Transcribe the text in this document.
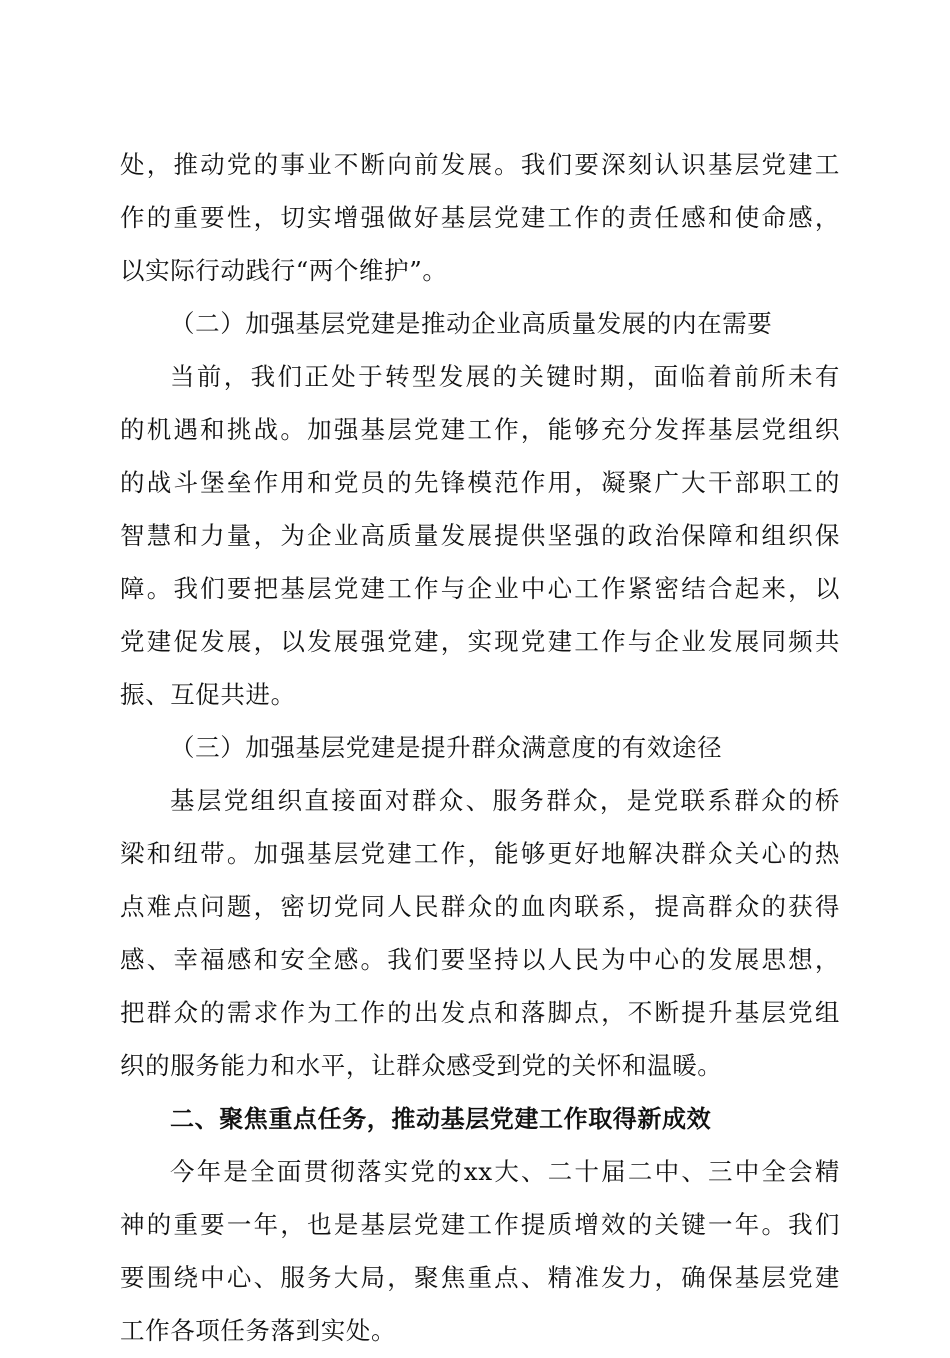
处，推动党的事业不断向前发展。我们要深刻认识基层党建工
作的重要性，切实增强做好基层党建工作的责任感和使命感，
以实际行动践行“两个维护”。
（二）加强基层党建是推动企业高质量发展的内在需要
当前，我们正处于转型发展的关键时期，面临着前所未有
的机遇和挑战。加强基层党建工作，能够充分发挥基层党组织
的战斗堡垒作用和党员的先锋模范作用，凝聚广大干部职工的
智慧和力量，为企业高质量发展提供坚强的政治保障和组织保
障。我们要把基层党建工作与企业中心工作紧密结合起来，以
党建促发展，以发展强党建，实现党建工作与企业发展同频共
振、互促共进。
（三）加强基层党建是提升群众满意度的有效途径
基层党组织直接面对群众、服务群众，是党联系群众的桥
梁和纽带。加强基层党建工作，能够更好地解决群众关心的热
点难点问题，密切党同人民群众的血肉联系，提高群众的获得
感、幸福感和安全感。我们要坚持以人民为中心的发展思想，
把群众的需求作为工作的出发点和落脚点，不断提升基层党组
织的服务能力和水平，让群众感受到党的关怀和温暖。
二、聚焦重点任务，推动基层党建工作取得新成效
今年是全面贯彻落实党的xx大、二十届二中、三中全会精
神的重要一年，也是基层党建工作提质增效的关键一年。我们
要围绕中心、服务大局，聚焦重点、精准发力，确保基层党建
工作各项任务落到实处。
